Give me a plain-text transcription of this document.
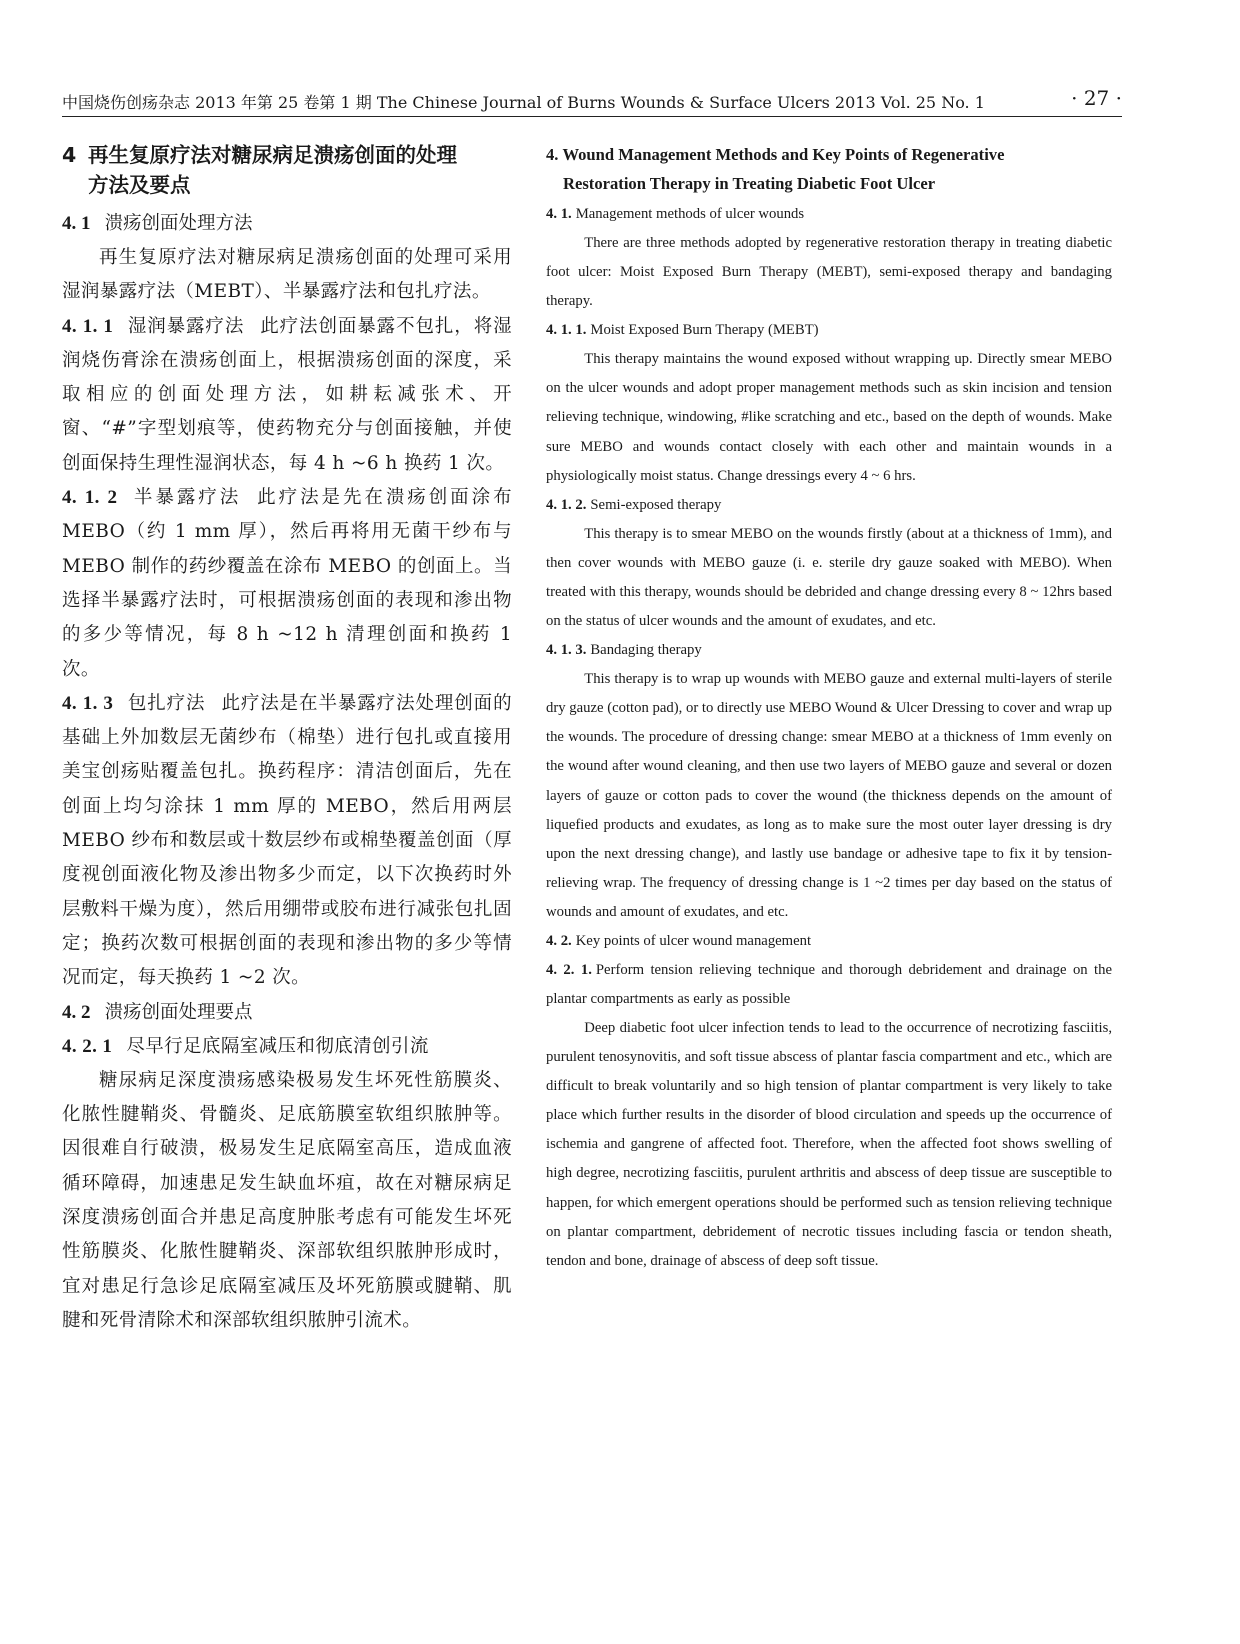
中国烧伤创疡杂志 2013 年第 25 卷第 1 期 The Chinese Journal of Burns Wounds & Surface Ulcers 2013 Vol. 25 No. 1	· 27 ·
4 再生复原疗法对糖尿病足溃疡创面的处理
方法及要点

4. 1 溃疡创面处理方法

再生复原疗法对糖尿病足溃疡创面的处理可采用湿润暴露疗法（MEBT）、半暴露疗法和包扎疗法。

4. 1. 1 湿润暴露疗法 此疗法创面暴露不包扎，将湿润烧伤膏涂在溃疡创面上，根据溃疡创面的深度，采取相应的创面处理方法，如耕耘减张术、开窗、“#”字型划痕等，使药物充分与创面接触，并使创面保持生理性湿润状态，每 4 h ~6 h 换药 1 次。

4. 1. 2 半暴露疗法 此疗法是先在溃疡创面涂布 MEBO（约 1 mm 厚），然后再将用无菌干纱布与 MEBO 制作的药纱覆盖在涂布 MEBO 的创面上。当选择半暴露疗法时，可根据溃疡创面的表现和渗出物的多少等情况，每 8 h ~12 h 清理创面和换药 1 次。

4. 1. 3 包扎疗法 此疗法是在半暴露疗法处理创面的基础上外加数层无菌纱布（棉垫）进行包扎或直接用美宝创疡贴覆盖包扎。换药程序：清洁创面后，先在创面上均匀涂抹 1 mm 厚的 MEBO，然后用两层 MEBO 纱布和数层或十数层纱布或棉垫覆盖创面（厚度视创面液化物及渗出物多少而定，以下次换药时外层敷料干燥为度），然后用绷带或胶布进行减张包扎固定；换药次数可根据创面的表现和渗出物的多少等情况而定，每天换药 1 ~2 次。

4. 2 溃疡创面处理要点

4. 2. 1 尽早行足底隔室减压和彻底清创引流

糖尿病足深度溃疡感染极易发生坏死性筋膜炎、化脓性腱鞘炎、骨髓炎、足底筋膜室软组织脓肿等。因很难自行破溃，极易发生足底隔室高压，造成血液循环障碍，加速患足发生缺血坏疽，故在对糖尿病足深度溃疡创面合并患足高度肿胀考虑有可能发生坏死性筋膜炎、化脓性腱鞘炎、深部软组织脓肿形成时，宜对患足行急诊足底隔室减压及坏死筋膜或腱鞘、肌腱和死骨清除术和深部软组织脓肿引流术。

4. Wound Management Methods and Key Points of Regenerative
Restoration Therapy in Treating Diabetic Foot Ulcer

4. 1. Management methods of ulcer wounds

There are three methods adopted by regenerative restoration therapy in treating diabetic foot ulcer: Moist Exposed Burn Therapy (MEBT), semi-exposed therapy and bandaging therapy.

4. 1. 1. Moist Exposed Burn Therapy (MEBT)

This therapy maintains the wound exposed without wrapping up. Directly smear MEBO on the ulcer wounds and adopt proper management methods such as skin incision and tension relieving technique, windowing, #like scratching and etc., based on the depth of wounds. Make sure MEBO and wounds contact closely with each other and maintain wounds in a physiologically moist status. Change dressings every 4 ~ 6 hrs.

4. 1. 2. Semi-exposed therapy

This therapy is to smear MEBO on the wounds firstly (about at a thickness of 1mm), and then cover wounds with MEBO gauze (i. e. sterile dry gauze soaked with MEBO). When treated with this therapy, wounds should be debrided and change dressing every 8 ~ 12hrs based on the status of ulcer wounds and the amount of exudates, and etc.

4. 1. 3. Bandaging therapy

This therapy is to wrap up wounds with MEBO gauze and external multi-layers of sterile dry gauze (cotton pad), or to directly use MEBO Wound & Ulcer Dressing to cover and wrap up the wounds. The procedure of dressing change: smear MEBO at a thickness of 1mm evenly on the wound after wound cleaning, and then use two layers of MEBO gauze and several or dozen layers of gauze or cotton pads to cover the wound (the thickness depends on the amount of liquefied products and exudates, as long as to make sure the most outer layer dressing is dry upon the next dressing change), and lastly use bandage or adhesive tape to fix it by tension-relieving wrap. The frequency of dressing change is 1 ~2 times per day based on the status of wounds and amount of exudates, and etc.

4. 2. Key points of ulcer wound management

4. 2. 1. Perform tension relieving technique and thorough debridement and drainage on the plantar compartments as early as possible

Deep diabetic foot ulcer infection tends to lead to the occurrence of necrotizing fasciitis, purulent tenosynovitis, and soft tissue abscess of plantar fascia compartment and etc., which are difficult to break voluntarily and so high tension of plantar compartment is very likely to take place which further results in the disorder of blood circulation and speeds up the occurrence of ischemia and gangrene of affected foot. Therefore, when the affected foot shows swelling of high degree, necrotizing fasciitis, purulent arthritis and abscess of deep tissue are susceptible to happen, for which emergent operations should be performed such as tension relieving technique on plantar compartment, debridement of necrotic tissues including fascia or tendon sheath, tendon and bone, drainage of abscess of deep soft tissue.
